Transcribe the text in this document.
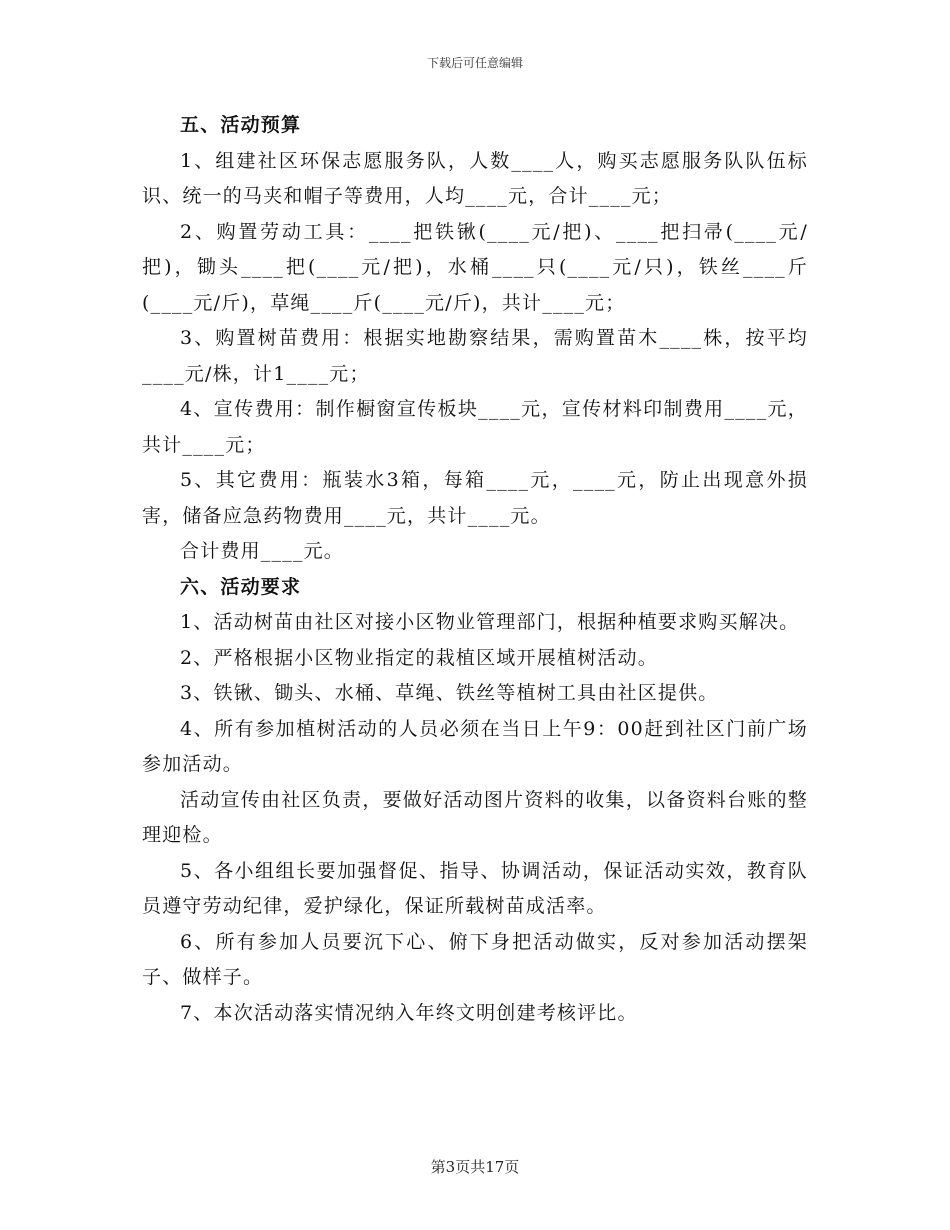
下载后可任意编辑

五、活动预算

1、组建社区环保志愿服务队，人数____人，购买志愿服务队队伍标识、统一的马夹和帽子等费用，人均____元，合计____元；

2、购置劳动工具：____把铁锹(____元/把)、____把扫帚(____元/把)，锄头____把(____元/把)，水桶____只(____元/只)，铁丝____斤(____元/斤)，草绳____斤(____元/斤)，共计____元；

3、购置树苗费用：根据实地勘察结果，需购置苗木____株，按平均____元/株，计1____元；

4、宣传费用：制作橱窗宣传板块____元，宣传材料印制费用____元，共计____元；

5、其它费用：瓶装水3箱，每箱____元，____元，防止出现意外损害，储备应急药物费用____元，共计____元。

合计费用____元。

六、活动要求

1、活动树苗由社区对接小区物业管理部门，根据种植要求购买解决。

2、严格根据小区物业指定的栽植区域开展植树活动。

3、铁锹、锄头、水桶、草绳、铁丝等植树工具由社区提供。

4、所有参加植树活动的人员必须在当日上午9：00赶到社区门前广场参加活动。

活动宣传由社区负责，要做好活动图片资料的收集，以备资料台账的整理迎检。

5、各小组组长要加强督促、指导、协调活动，保证活动实效，教育队员遵守劳动纪律，爱护绿化，保证所载树苗成活率。

6、所有参加人员要沉下心、俯下身把活动做实，反对参加活动摆架子、做样子。

7、本次活动落实情况纳入年终文明创建考核评比。

第3页共17页
